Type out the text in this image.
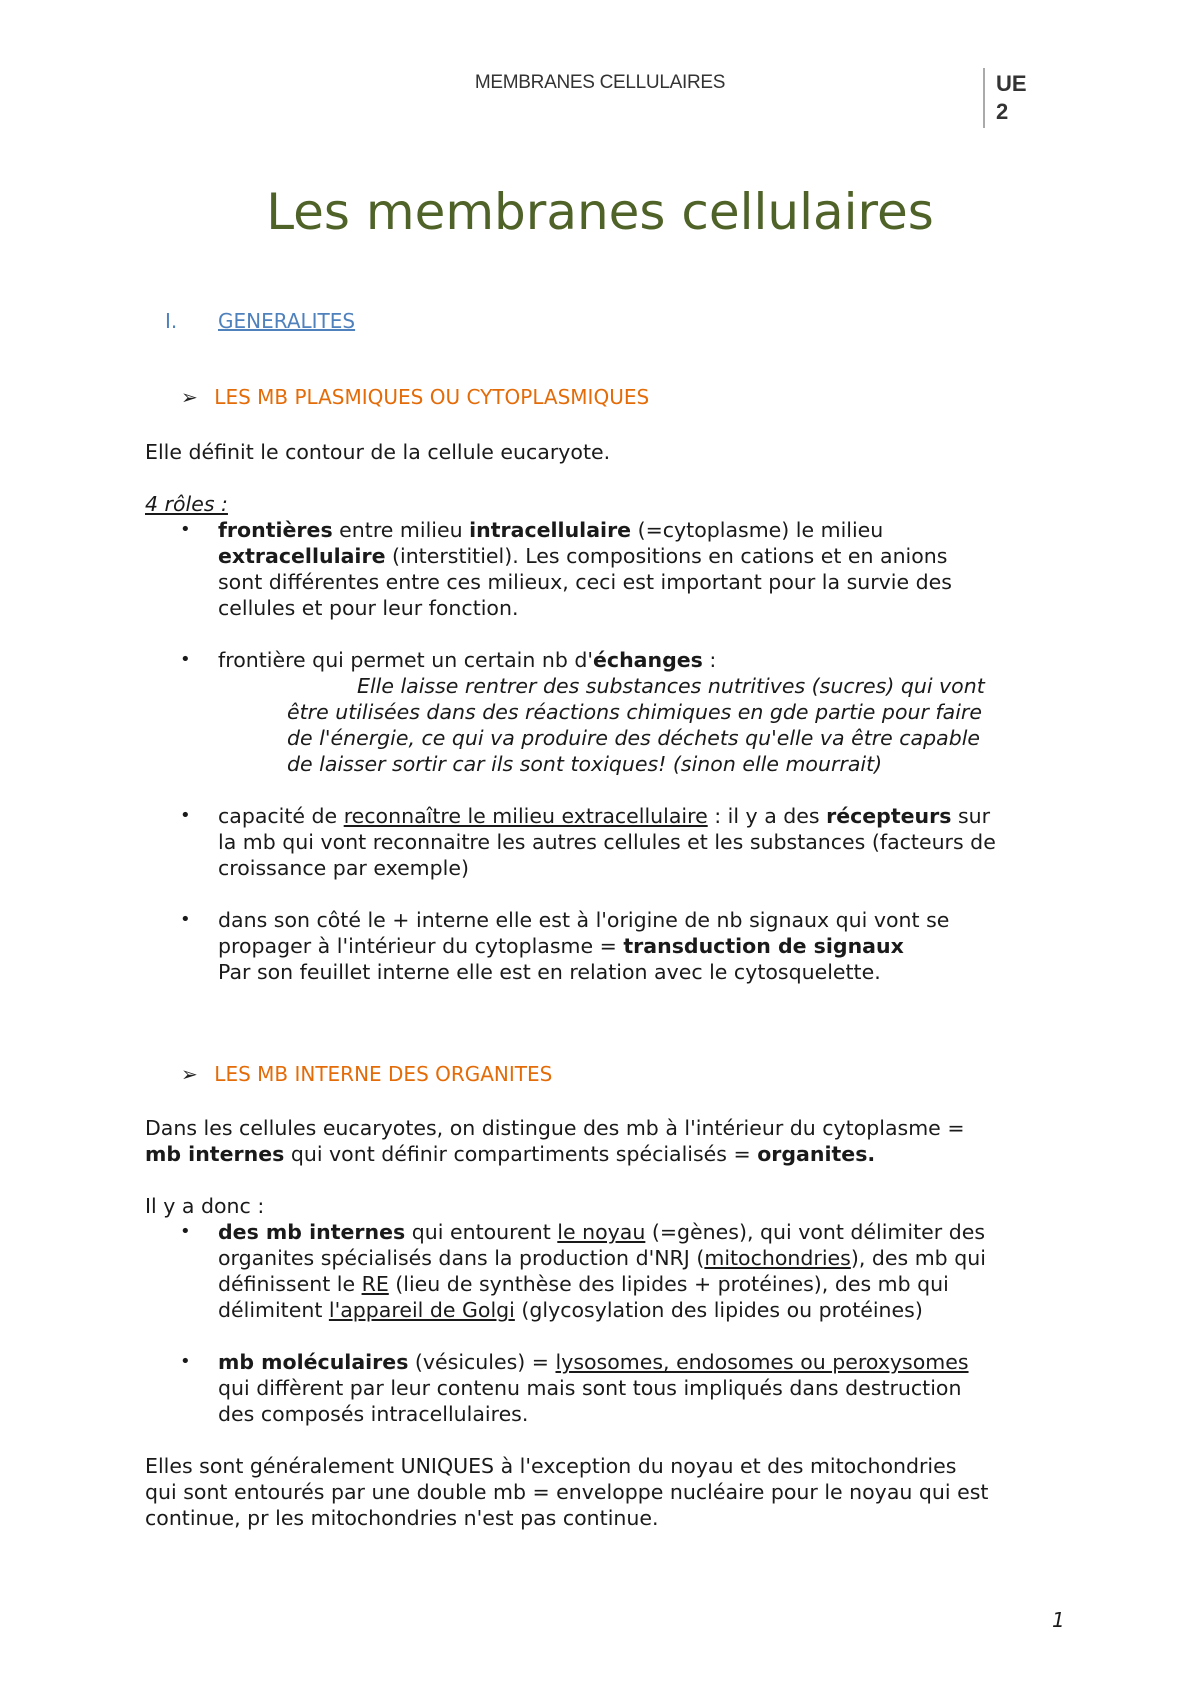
MEMBRANES CELLULAIRES	UE
2
Les membranes cellulaires
I. GENERALITES
➢ LES MB PLASMIQUES OU CYTOPLASMIQUES
Elle définit le contour de la cellule eucaryote.
4 rôles :
• frontières entre milieu intracellulaire (=cytoplasme) le milieu
extracellulaire (interstitiel). Les compositions en cations et en anions
sont différentes entre ces milieux, ceci est important pour la survie des
cellules et pour leur fonction.
• frontière qui permet un certain nb d'échanges :
Elle laisse rentrer des substances nutritives (sucres) qui vont
être utilisées dans des réactions chimiques en gde partie pour faire
de l'énergie, ce qui va produire des déchets qu'elle va être capable
de laisser sortir car ils sont toxiques! (sinon elle mourrait)
• capacité de reconnaître le milieu extracellulaire : il y a des récepteurs sur
la mb qui vont reconnaitre les autres cellules et les substances (facteurs de
croissance par exemple)
• dans son côté le + interne elle est à l'origine de nb signaux qui vont se
propager à l'intérieur du cytoplasme = transduction de signaux
Par son feuillet interne elle est en relation avec le cytosquelette.
➢ LES MB INTERNE DES ORGANITES
Dans les cellules eucaryotes, on distingue des mb à l'intérieur du cytoplasme =
mb internes qui vont définir compartiments spécialisés = organites.
Il y a donc :
• des mb internes qui entourent le noyau (=gènes), qui vont délimiter des
organites spécialisés dans la production d'NRJ (mitochondries), des mb qui
définissent le RE (lieu de synthèse des lipides + protéines), des mb qui
délimitent l'appareil de Golgi (glycosylation des lipides ou protéines)
• mb moléculaires (vésicules) = lysosomes, endosomes ou peroxysomes
qui diffèrent par leur contenu mais sont tous impliqués dans destruction
des composés intracellulaires.
Elles sont généralement UNIQUES à l'exception du noyau et des mitochondries
qui sont entourés par une double mb = enveloppe nucléaire pour le noyau qui est
continue, pr les mitochondries n'est pas continue.
1
